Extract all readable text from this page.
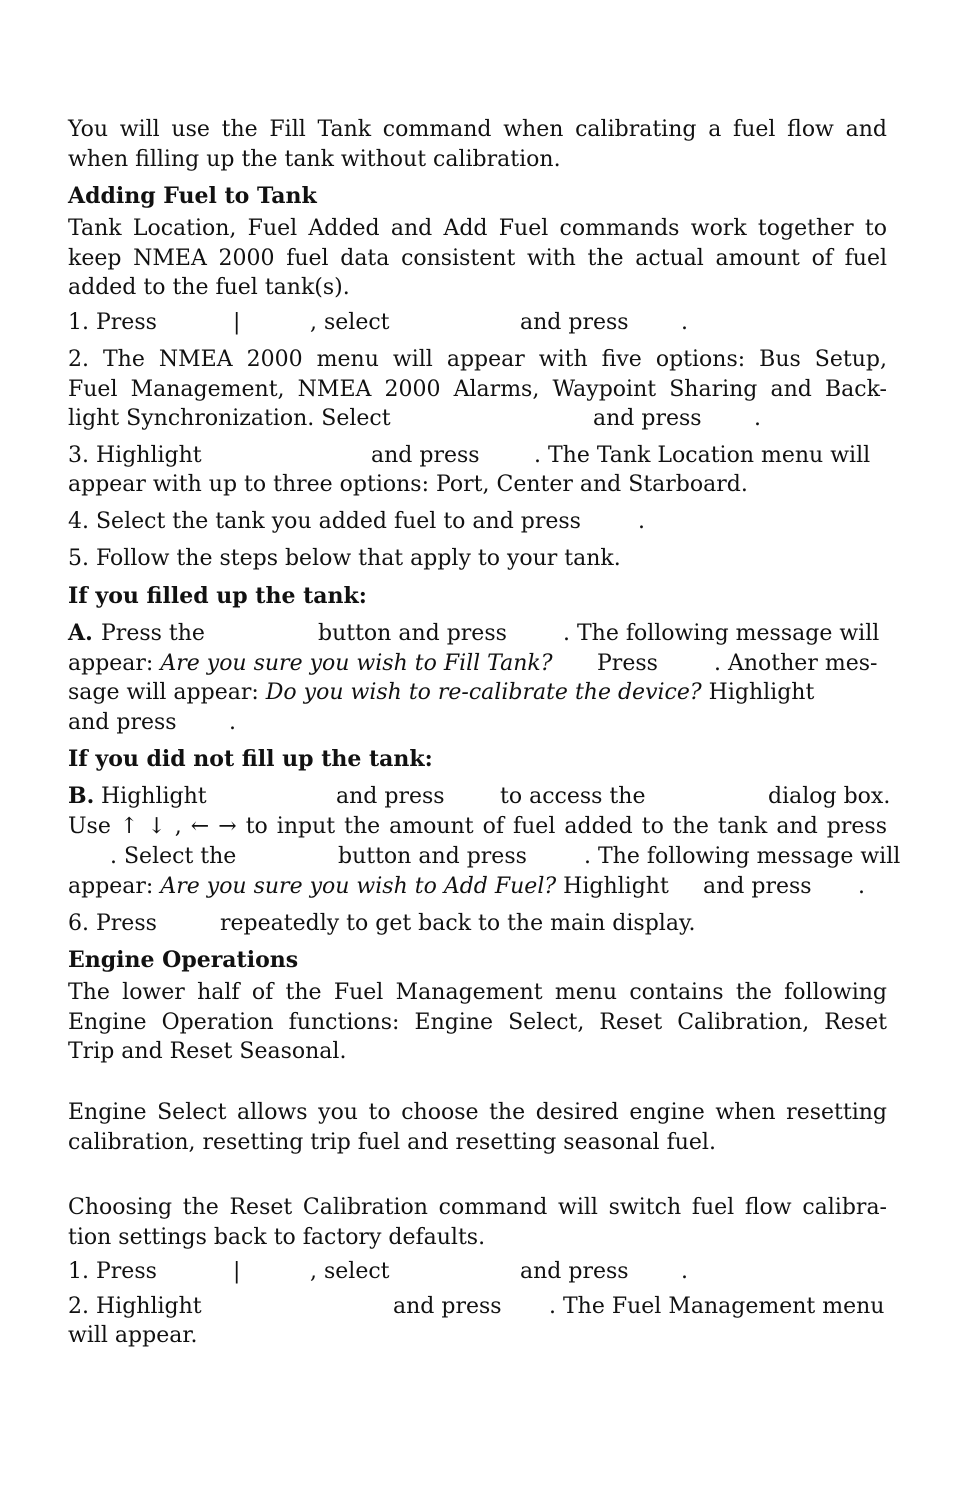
You will use the Fill Tank command when calibrating a fuel flow and
when filling up the tank without calibration.

Adding Fuel to Tank

Tank Location, Fuel Added and Add Fuel commands work together to
keep NMEA 2000 fuel data consistent with the actual amount of fuel
added to the fuel tank(s).

1. Press	|	, select	and press .

2. The NMEA 2000 menu will appear with five options: Bus Setup,
Fuel Management, NMEA 2000 Alarms, Waypoint Sharing and Back-

light Synchronization. Select	and press .
3. Highlight	and press . The Tank Location menu will
appear with up to three options: Port, Center and Starboard.
4. Select the tank you added fuel to and press	.
5. Follow the steps below that apply to your tank.
If you filled up the tank:
A. Press the	button and press	. The following message will
appear: Are you sure you wish to Fill Tank? Press	. Another mes-
sage will appear: Do you wish to re-calibrate the device? Highlight
and press .
If you did not fill up the tank:
B. Highlight	and press	to access the	dialog box.

Use ↑ ↓ , ← → to input the amount of fuel added to the tank and press

. Select the	button and press	. The following message will
appear: Are you sure you wish to Add Fuel? Highlight and press .
6. Press	repeatedly to get back to the main display.
Engine Operations

The lower half of the Fuel Management menu contains the following
Engine Operation functions: Engine Select, Reset Calibration, Reset
Trip and Reset Seasonal.

Engine Select allows you to choose the desired engine when resetting
calibration, resetting trip fuel and resetting seasonal fuel.

Choosing the Reset Calibration command will switch fuel flow calibra-
tion settings back to factory defaults.

1. Press	|	, select	and press .
2. Highlight	and press . The Fuel Management menu
will appear.
